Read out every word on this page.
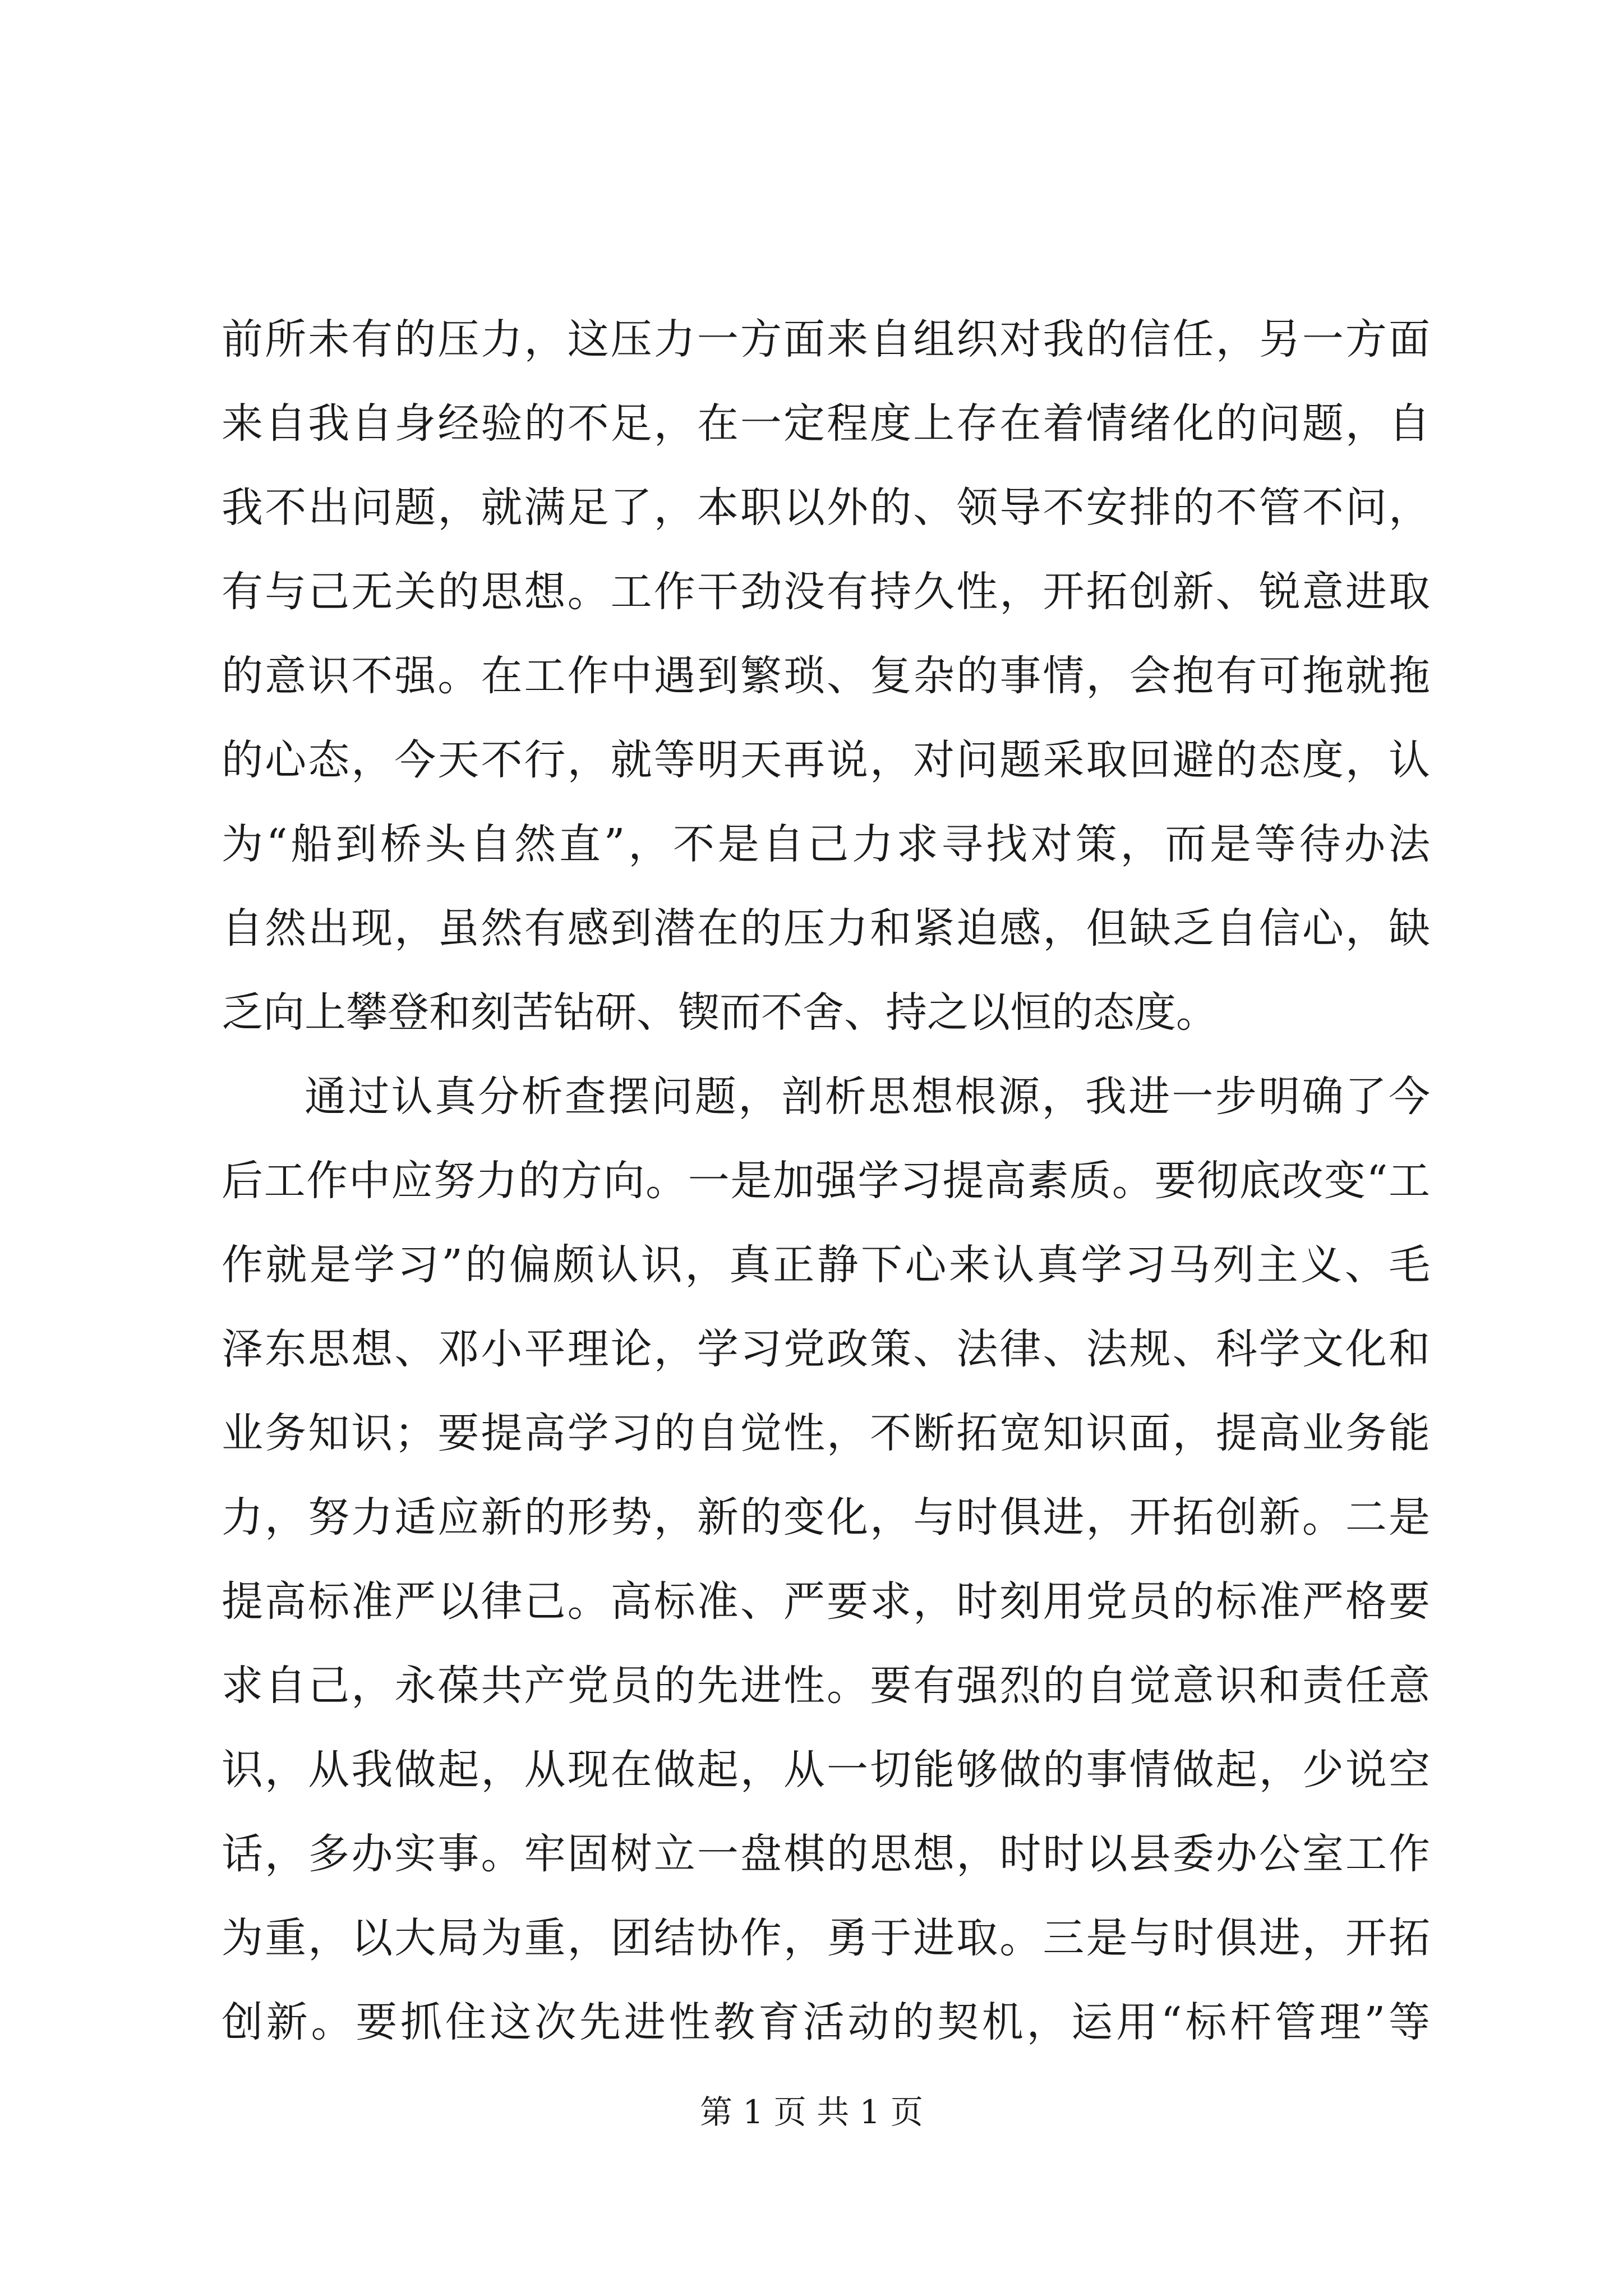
前所未有的压力，这压力一方面来自组织对我的信任，另一方面
来自我自身经验的不足，在一定程度上存在着情绪化的问题，自
我不出问题，就满足了，本职以外的、领导不安排的不管不问，
有与己无关的思想。工作干劲没有持久性，开拓创新、锐意进取
的意识不强。在工作中遇到繁琐、复杂的事情，会抱有可拖就拖
的心态，今天不行，就等明天再说，对问题采取回避的态度，认
为“船到桥头自然直”，不是自己力求寻找对策，而是等待办法
自然出现，虽然有感到潜在的压力和紧迫感，但缺乏自信心，缺
乏向上攀登和刻苦钻研、锲而不舍、持之以恒的态度。
通过认真分析查摆问题，剖析思想根源，我进一步明确了今
后工作中应努力的方向。一是加强学习提高素质。要彻底改变“工
作就是学习”的偏颇认识，真正静下心来认真学习马列主义、毛
泽东思想、邓小平理论，学习党政策、法律、法规、科学文化和
业务知识；要提高学习的自觉性，不断拓宽知识面，提高业务能
力，努力适应新的形势，新的变化，与时俱进，开拓创新。二是
提高标准严以律己。高标准、严要求，时刻用党员的标准严格要
求自己，永葆共产党员的先进性。要有强烈的自觉意识和责任意
识，从我做起，从现在做起，从一切能够做的事情做起，少说空
话，多办实事。牢固树立一盘棋的思想，时时以县委办公室工作
为重，以大局为重，团结协作，勇于进取。三是与时俱进，开拓
创新。要抓住这次先进性教育活动的契机，运用“标杆管理”等
第 1 页 共 1 页
